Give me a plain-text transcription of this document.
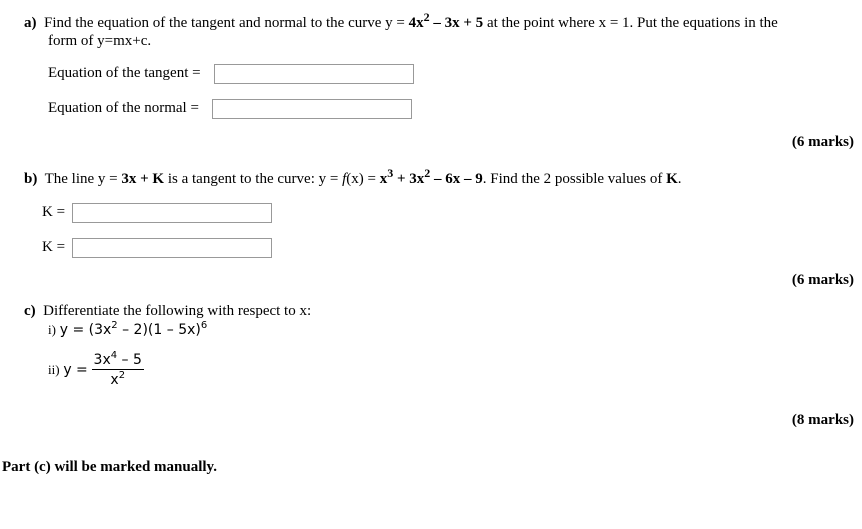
a) Find the equation of the tangent and normal to the curve $y = 4x^2 - 3x + 5$ at the point where x = 1. Put the equations in the
form of y=mx+c.
Equation of the tangent =
Equation of the normal =
(6 marks)
b) The line y = 3x + K is a tangent to the curve: $y = f(x) = x^3 + 3x^2 - 6x - 9$. Find the 2 possible values of K.
K =
K =
(6 marks)
c) Differentiate the following with respect to x:
i) $y = (3x^2 - 2)(1 - 5x)^6$
ii) $y = \frac{3x^4 - 5}{x^2}$
(8 marks)
Part (c) will be marked manually.
